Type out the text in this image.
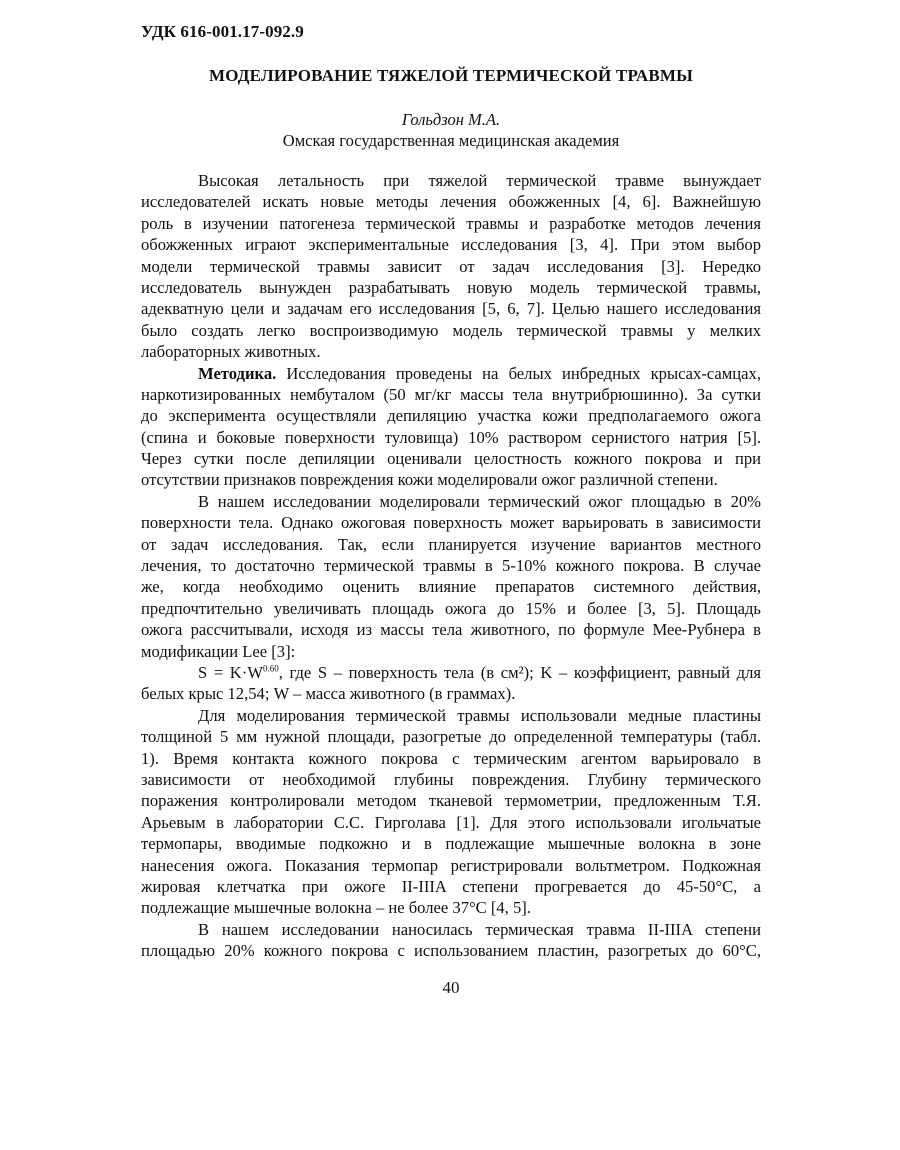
УДК 616-001.17-092.9
МОДЕЛИРОВАНИЕ ТЯЖЕЛОЙ ТЕРМИЧЕСКОЙ ТРАВМЫ
Гольдзон М.А.
Омская государственная медицинская академия
Высокая летальность при тяжелой термической травме вынуждает
исследователей искать новые методы лечения обожженных [4, 6]. Важнейшую
роль в изучении патогенеза термической травмы и разработке методов лечения
обожженных играют экспериментальные исследования [3, 4]. При этом выбор
модели термической травмы зависит от задач исследования [3]. Нередко
исследователь вынужден разрабатывать новую модель термической травмы,
адекватную цели и задачам его исследования [5, 6, 7]. Целью нашего исследования
было создать легко воспроизводимую модель термической травмы у мелких
лабораторных животных.
Методика. Исследования проведены на белых инбредных крысах-самцах,
наркотизированных нембуталом (50 мг/кг массы тела внутрибрюшинно). За сутки
до эксперимента осуществляли депиляцию участка кожи предполагаемого ожога
(спина и боковые поверхности туловища) 10% раствором сернистого натрия [5].
Через сутки после депиляции оценивали целостность кожного покрова и при
отсутствии признаков повреждения кожи моделировали ожог различной степени.
В нашем исследовании моделировали термический ожог площадью в 20%
поверхности тела. Однако ожоговая поверхность может варьировать в зависимости
от задач исследования. Так, если планируется изучение вариантов местного
лечения, то достаточно термической травмы в 5-10% кожного покрова. В случае
же, когда необходимо оценить влияние препаратов системного действия,
предпочтительно увеличивать площадь ожога до 15% и более [3, 5]. Площадь
ожога рассчитывали, исходя из массы тела животного, по формуле Мее-Рубнера в
модификации Lee [3]:
$S = K\cdot W^{0.60}$, где S – поверхность тела (в см²); K – коэффициент, равный для
белых крыс 12,54; W – масса животного (в граммах).
Для моделирования термической травмы использовали медные пластины
толщиной 5 мм нужной площади, разогретые до определенной температуры (табл.
1). Время контакта кожного покрова с термическим агентом варьировало в
зависимости от необходимой глубины повреждения. Глубину термического
поражения контролировали методом тканевой термометрии, предложенным Т.Я.
Арьевым в лаборатории С.С. Гирголава [1]. Для этого использовали игольчатые
термопары, вводимые подкожно и в подлежащие мышечные волокна в зоне
нанесения ожога. Показания термопар регистрировали вольтметром. Подкожная
жировая клетчатка при ожоге II-IIIA степени прогревается до 45-50°С, а
подлежащие мышечные волокна – не более 37°С [4, 5].
В нашем исследовании наносилась термическая травма II-IIIA степени
площадью 20% кожного покрова с использованием пластин, разогретых до 60°С,
40
